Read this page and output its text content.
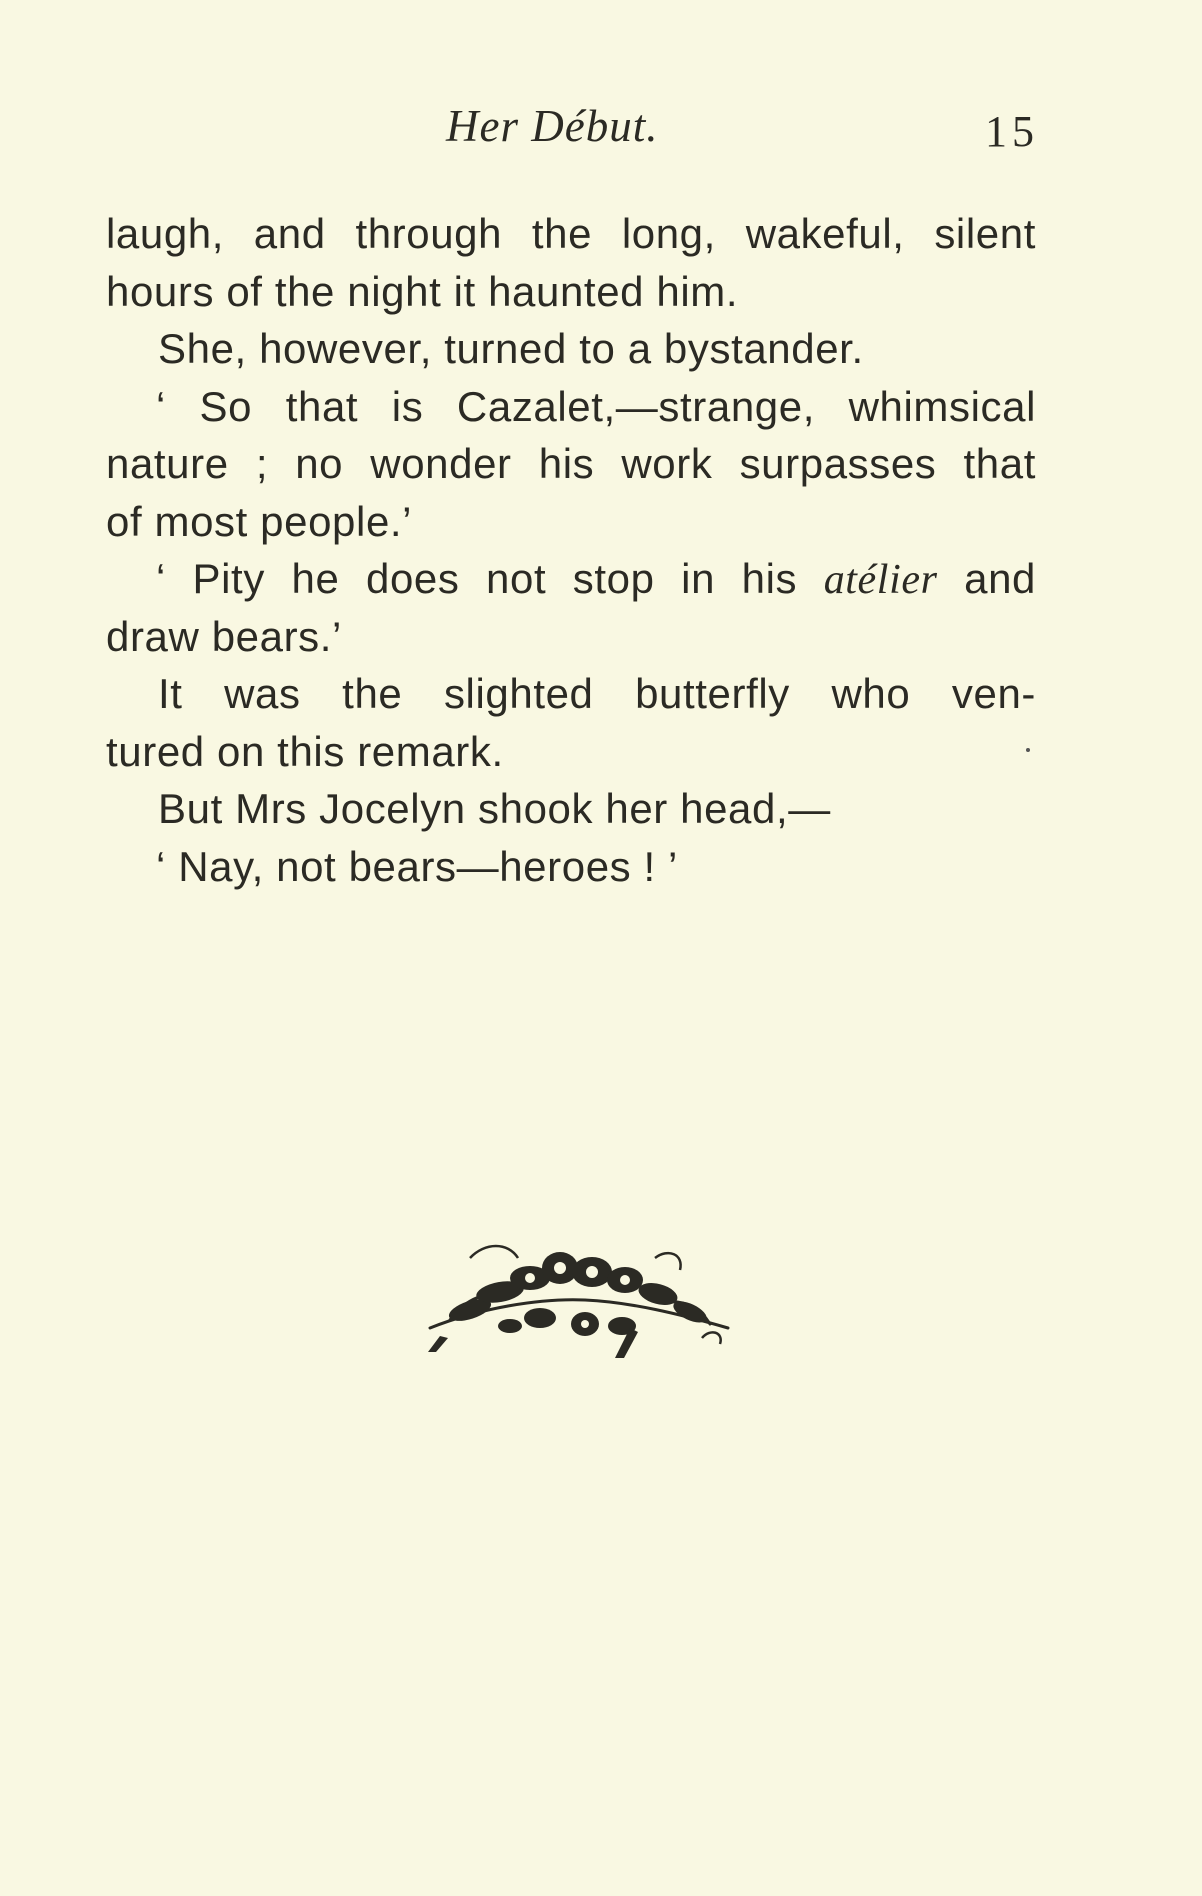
Her Début.	15
laugh, and through the long, wakeful, silent
hours of the night it haunted him.
She, however, turned to a bystander.
‘ So that is Cazalet,—strange, whimsical
nature ; no wonder his work surpasses that
of most people.’
‘ Pity he does not stop in his atélier and
draw bears.’
It was the slighted butterfly who ven-
tured on this remark.
But Mrs Jocelyn shook her head,—
‘ Nay, not bears—heroes ! ’
